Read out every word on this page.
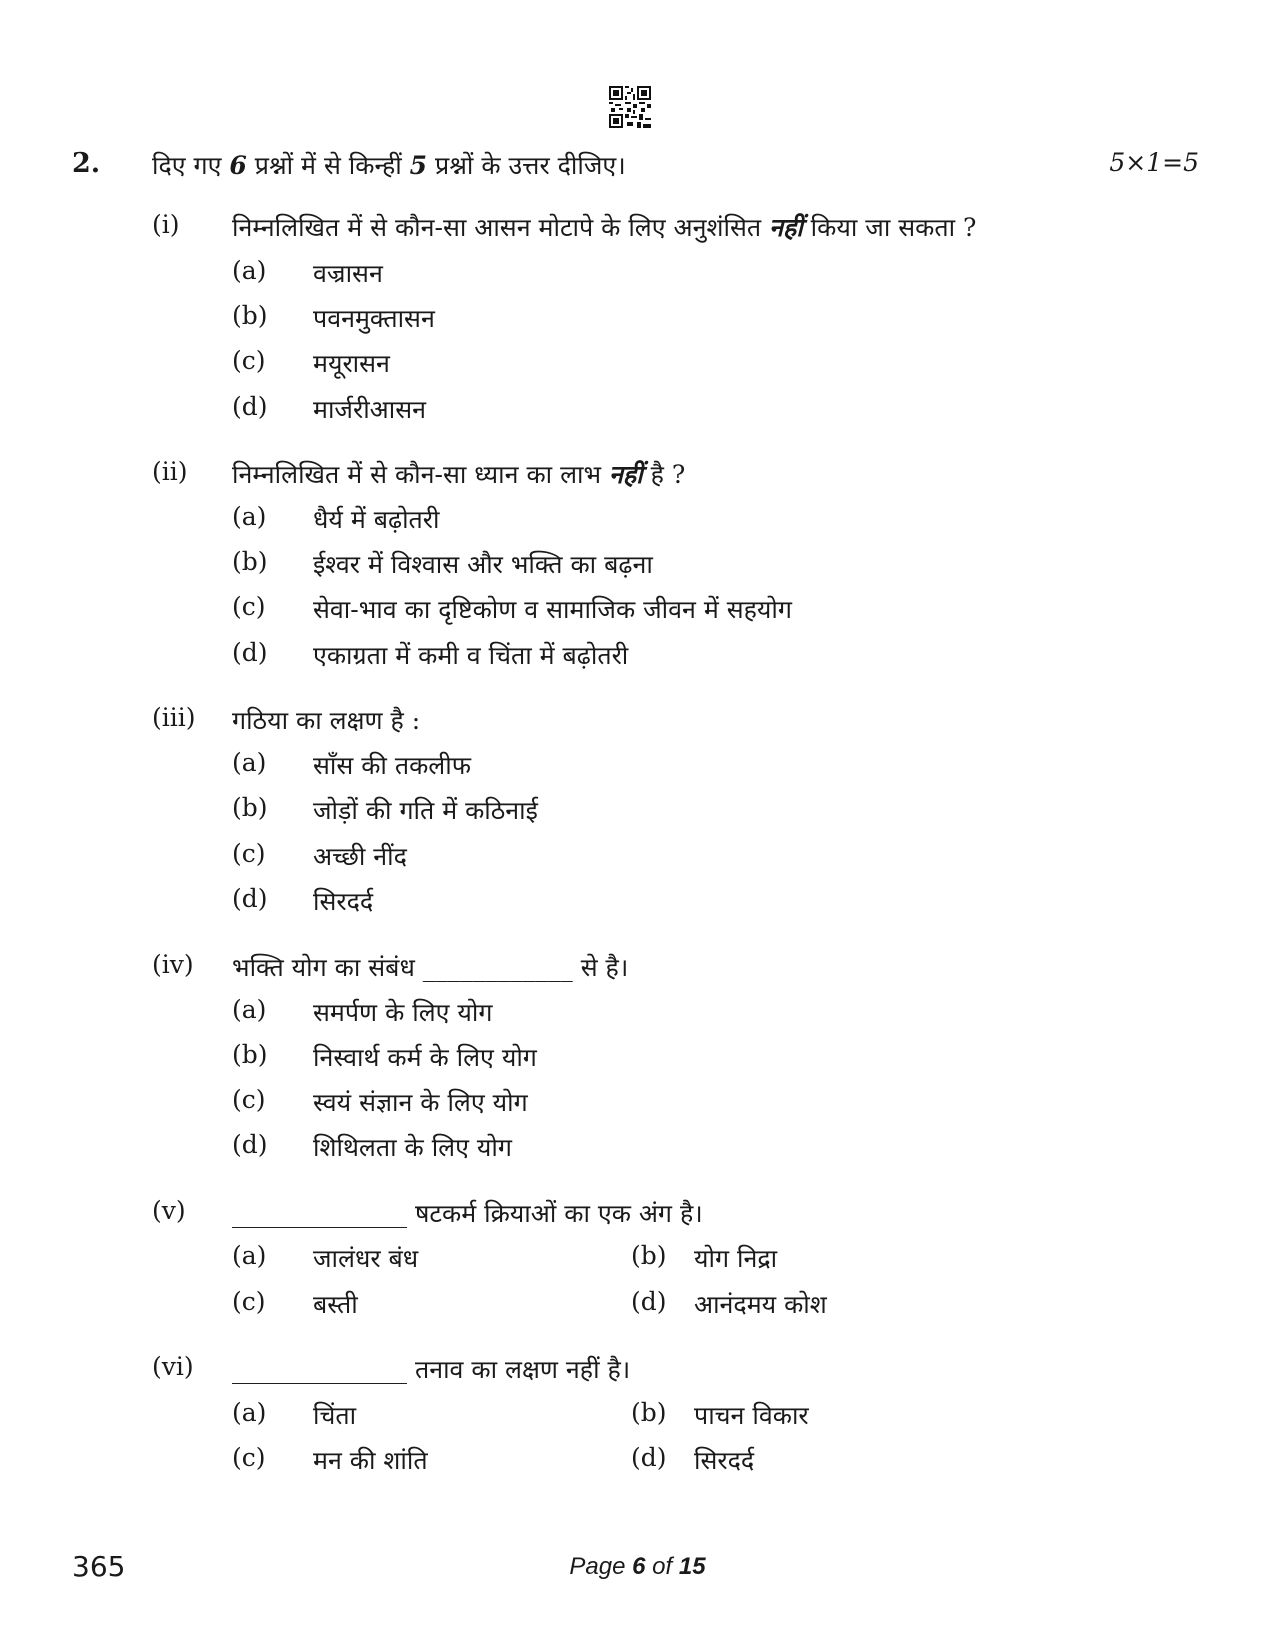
2. दिए गए 6 प्रश्नों में से किन्हीं 5 प्रश्नों के उत्तर दीजिए।	5×1=5
(i) निम्नलिखित में से कौन-सा आसन मोटापे के लिए अनुशंसित नहीं किया जा सकता ?
(a) वज्रासन
(b) पवनमुक्तासन
(c) मयूरासन
(d) मार्जरीआसन
(ii) निम्नलिखित में से कौन-सा ध्यान का लाभ नहीं है ?
(a) धैर्य में बढ़ोतरी
(b) ईश्वर में विश्वास और भक्ति का बढ़ना
(c) सेवा-भाव का दृष्टिकोण व सामाजिक जीवन में सहयोग
(d) एकाग्रता में कमी व चिंता में बढ़ोतरी
(iii) गठिया का लक्षण है :
(a) साँस की तकलीफ
(b) जोड़ों की गति में कठिनाई
(c) अच्छी नींद
(d) सिरदर्द
(iv) भक्ति योग का संबंध ____________ से है।
(a) समर्पण के लिए योग
(b) निस्वार्थ कर्म के लिए योग
(c) स्वयं संज्ञान के लिए योग
(d) शिथिलता के लिए योग
(v) ______________ षटकर्म क्रियाओं का एक अंग है।
(a) जालंधर बंध	(b) योग निद्रा
(c) बस्ती	(d) आनंदमय कोश
(vi) ______________ तनाव का लक्षण नहीं है।
(a) चिंता	(b) पाचन विकार
(c) मन की शांति	(d) सिरदर्द
365	Page 6 of 15
